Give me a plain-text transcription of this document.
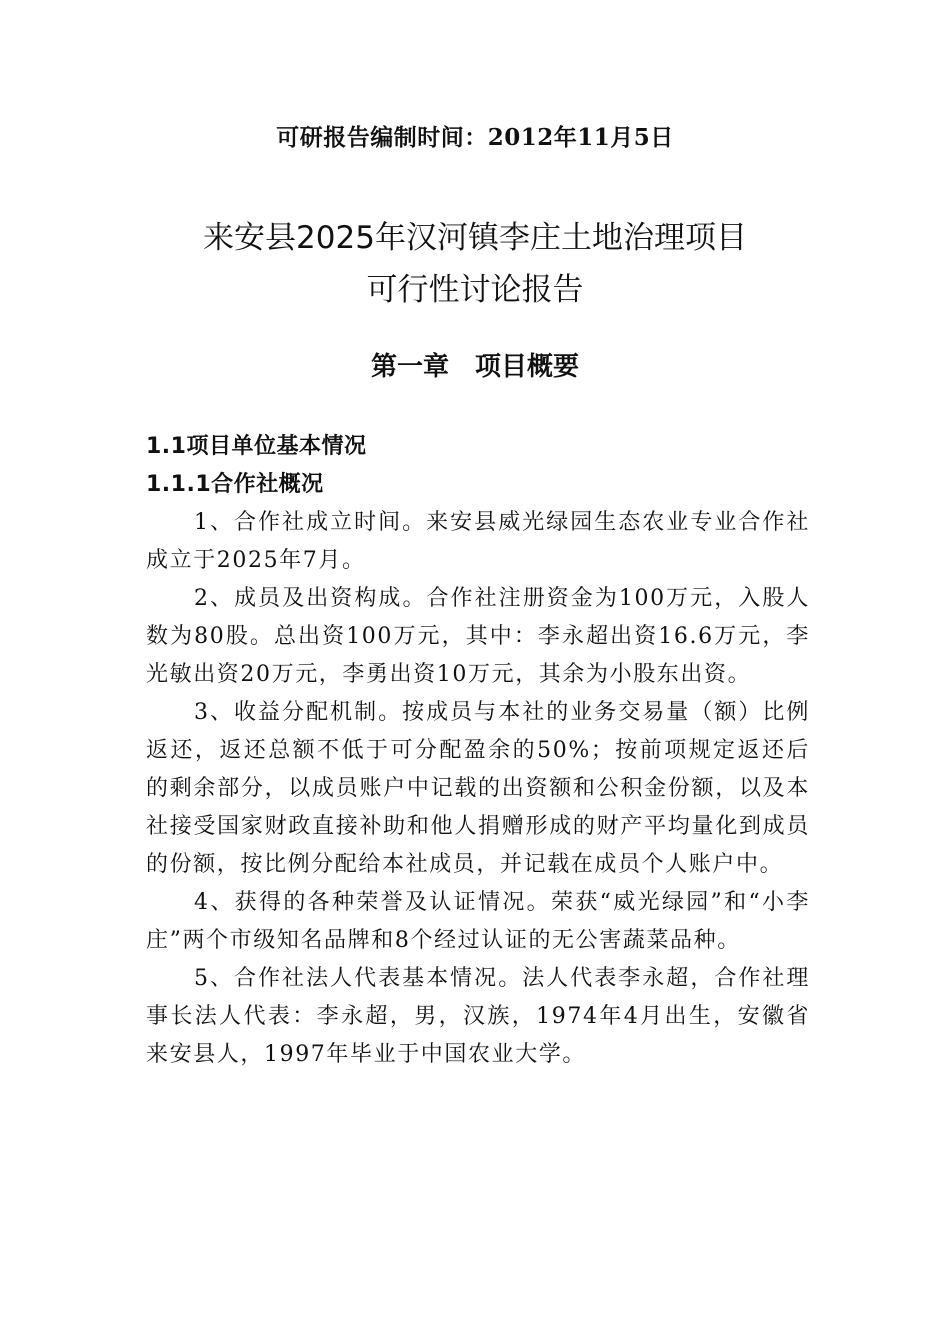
可研报告编制时间：2012年11月5日
来安县2025年汉河镇李庄土地治理项目
可行性讨论报告
第一章 项目概要

1.1项目单位基本情况

1.1.1合作社概况

1、合作社成立时间。来安县威光绿园生态农业专业合作社成立于2025年7月。

2、成员及出资构成。合作社注册资金为100万元，入股人数为80股。总出资100万元，其中：李永超出资16.6万元，李光敏出资20万元，李勇出资10万元，其余为小股东出资。

3、收益分配机制。按成员与本社的业务交易量（额）比例返还，返还总额不低于可分配盈余的50%；按前项规定返还后的剩余部分，以成员账户中记载的出资额和公积金份额，以及本社接受国家财政直接补助和他人捐赠形成的财产平均量化到成员的份额，按比例分配给本社成员，并记载在成员个人账户中。

4、获得的各种荣誉及认证情况。荣获“威光绿园”和“小李庄”两个市级知名品牌和8个经过认证的无公害蔬菜品种。

5、合作社法人代表基本情况。法人代表李永超，合作社理事长法人代表：李永超，男，汉族，1974年4月出生，安徽省来安县人，1997年毕业于中国农业大学。
